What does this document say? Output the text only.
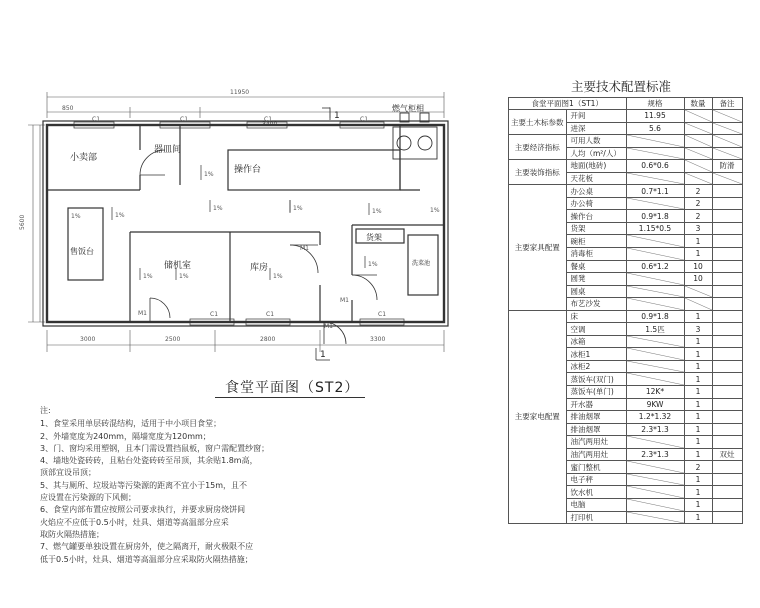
11950
850
3400
3000	2500	2800	3300
5600
小卖部
器皿间
操作台
售饭台
储机室	库房
货架
洗菜池
燃气柜相
M1
M1
M1
M1
C1	C1	C1	C1
C1	C1	C1
1%
1%	1%	1%
1%
1%
1%
1%	1%
1%
1%
1
1
食堂平面图（ST2）
注:
1、食堂采用单层砖混结构，适用于中小项目食堂；
2、外墙宽度为240mm，隔墙宽度为120mm；
3、门、窗均采用塑钢，且本门需设置挡鼠板，窗户需配置纱窗；
4、墙地处瓷砖砖，且粘台处瓷砖砖至吊顶，其余贴1.8m高，
顶部宜设吊顶；
5、其与厕所、垃圾站等污染源的距离不宜小于15m，且不
应设置在污染源的下风侧；
6、食堂内部布置应按照公司要求执行，并要求厨房烧饼间
火焰应不应低于0.5小时，灶具、烟道等高温部分应采
取防火隔热措施；
7、燃气罐要单独设置在厨房外，使之隔离开，耐火极限不应
低于0.5小时，灶具、烟道等高温部分应采取防火隔热措施；
主要技术配置标准
食堂平面图1（ST1）		规格	数量	备注
主要土木标参数	开间	11.95		
	进深	5.6		
主要经济指标	可用人数			
	人均（m²/人）			
主要装饰指标	地面(地砖)	0.6*0.6		防滑
	天花板			
主要家具配置	办公桌	0.7*1.1	2	
	办公椅		2	
	操作台	0.9*1.8	2	
	货架	1.15*0.5	3	
	碗柜		1	
	消毒柜		1	
	餐桌	0.6*1.2	10	
	圆凳		10	
	圆桌			
	布艺沙发			
主要家电配置	床	0.9*1.8	1	
	空调	1.5匹	3	
	冰箱		1	
	冰柜1		1	
	冰柜2		1	
	蒸饭车(双门)		1	
	蒸饭车(单门)	12K*	1	
	开水器	9KW	1	
	排油烟罩	1.2*1.32	1	
	排油烟罩	2.3*1.3	1	
	油汽两用灶		1	
	油汽两用灶	2.3*1.3	1	双灶
	蜜门整机		2	
	电子秤		1	
	饮水机		1	
	电脑		1	
	打印机		1	
